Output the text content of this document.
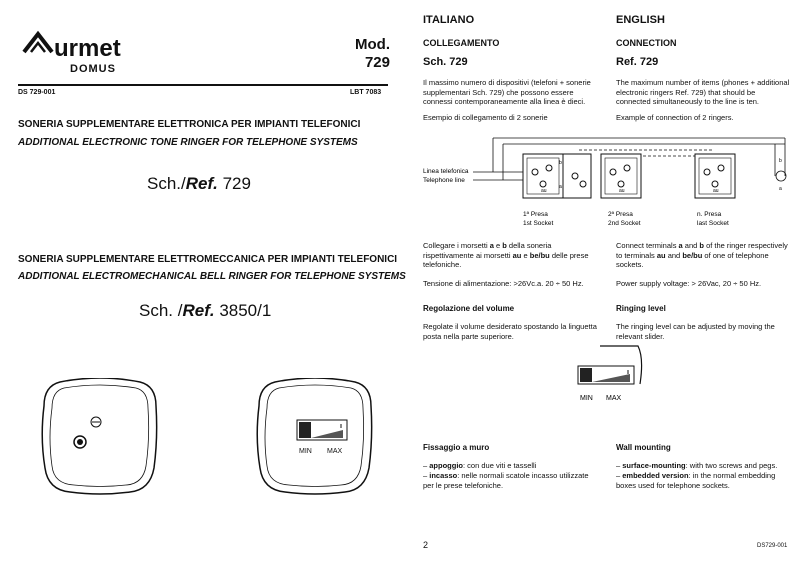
urmet
DOMUS
Mod.
729
DS 729-001	LBT 7083
SONERIA SUPPLEMENTARE ELETTRONICA PER IMPIANTI TELEFONICI
ADDITIONAL ELECTRONIC TONE RINGER FOR TELEPHONE SYSTEMS
Sch./Ref. 729
SONERIA SUPPLEMENTARE ELETTROMECCANICA PER IMPIANTI TELEFONICI
ADDITIONAL ELECTROMECHANICAL BELL RINGER FOR TELEPHONE SYSTEMS
Sch. /Ref. 3850/1
MIN MAX
ITALIANO
COLLEGAMENTO
Sch. 729
Il massimo numero di dispositivi (telefoni + sonerie supplementari Sch. 729) che possono essere connessi contemporaneamente alla linea è dieci.
Esempio di collegamento di 2 sonerie
ENGLISH
CONNECTION
Ref. 729
The maximum number of items (phones + additional electronic ringers Ref. 729) that should be connected simultaneously to the line is ten.
Example of connection of 2 ringers.
b
a
au	au	au
b
a
Linea telefonica
Telephone line
1ª Presa
1st Socket
2ª Presa
2nd Socket
n. Presa
last Socket
Collegare i morsetti a e b della soneria rispettivamente ai morsetti au e be/bu delle prese telefoniche.
Connect terminals a and b of the ringer respectively to terminals au and be/bu of one of telephone sockets.
Tensione di alimentazione: >26Vc.a. 20 ÷ 50 Hz.	Power supply voltage: > 26Vac, 20 ÷ 50 Hz.
Regolazione del volume	Ringing level
Regolate il volume desiderato spostando la linguetta posta nella parte superiore.
The ringing level can be adjusted by moving the relevant slider.
MIN MAX
Fissaggio a muro	Wall mounting
– appoggio: con due viti e tasselli
– incasso: nelle normali scatole incasso utilizzate per le prese telefoniche.
– surface-mounting: with two screws and pegs.
– embedded version: in the normal embedding boxes used for telephone sockets.
2	DS729-001
